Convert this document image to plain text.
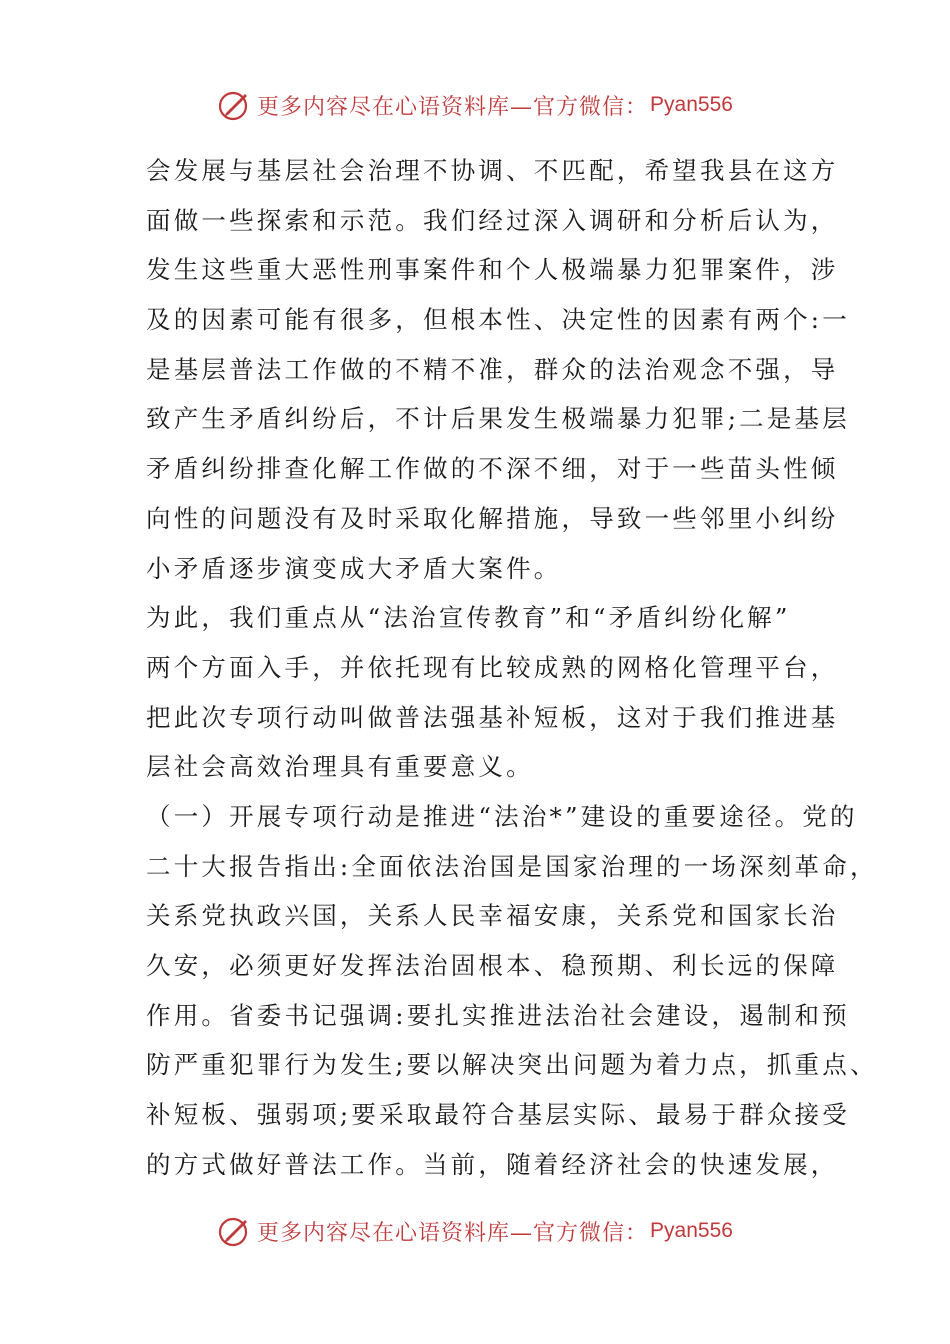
更多内容尽在心语资料库—官方微信： Pyan556
会发展与基层社会治理不协调、不匹配，希望我县在这方
面做一些探索和示范。我们经过深入调研和分析后认为，
发生这些重大恶性刑事案件和个人极端暴力犯罪案件，涉
及的因素可能有很多，但根本性、决定性的因素有两个:一
是基层普法工作做的不精不准，群众的法治观念不强，导
致产生矛盾纠纷后，不计后果发生极端暴力犯罪;二是基层
矛盾纠纷排查化解工作做的不深不细，对于一些苗头性倾
向性的问题没有及时采取化解措施，导致一些邻里小纠纷
小矛盾逐步演变成大矛盾大案件。
为此，我们重点从“法治宣传教育”和“矛盾纠纷化解”
两个方面入手，并依托现有比较成熟的网格化管理平台，
把此次专项行动叫做普法强基补短板，这对于我们推进基
层社会高效治理具有重要意义。
（一）开展专项行动是推进“法治*”建设的重要途径。党的
二十大报告指出:全面依法治国是国家治理的一场深刻革命，
关系党执政兴国，关系人民幸福安康，关系党和国家长治
久安，必须更好发挥法治固根本、稳预期、利长远的保障
作用。省委书记强调:要扎实推进法治社会建设，遏制和预
防严重犯罪行为发生;要以解决突出问题为着力点，抓重点、
补短板、强弱项;要采取最符合基层实际、最易于群众接受
的方式做好普法工作。当前，随着经济社会的快速发展，
更多内容尽在心语资料库—官方微信： Pyan556
